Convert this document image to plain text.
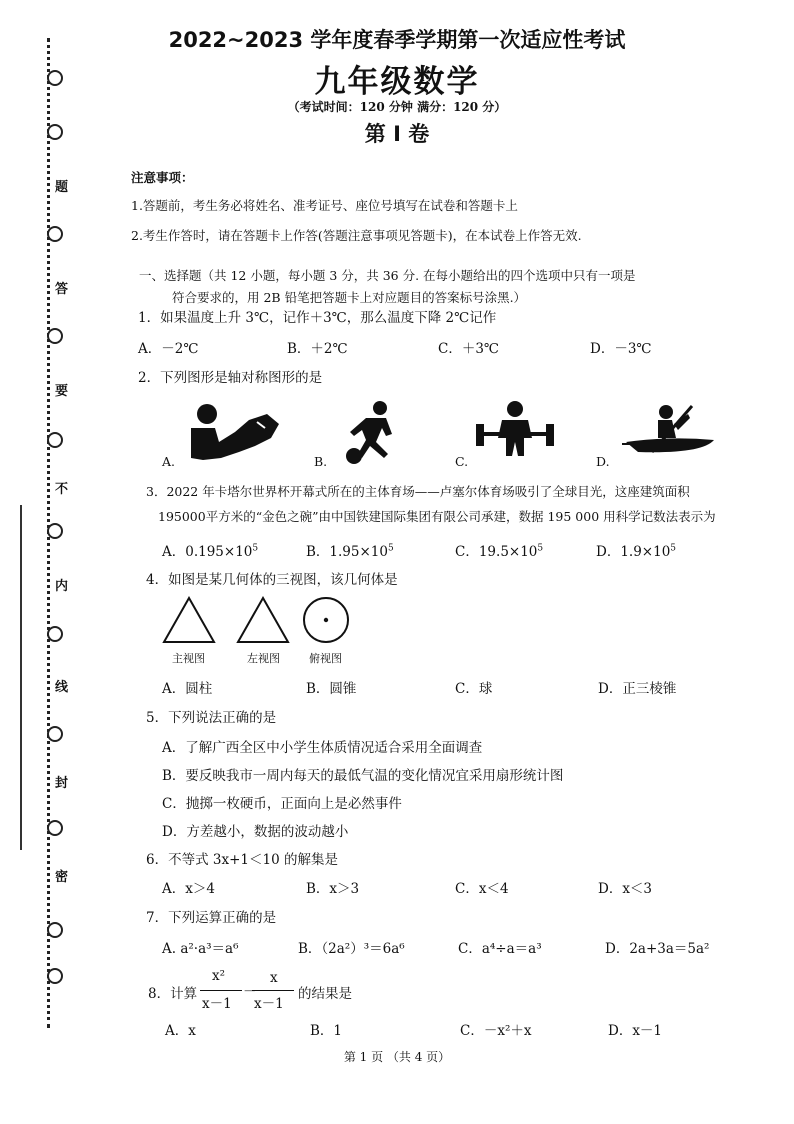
题
答
要
不
内
线
封
密
2022~2023 学年度春季学期第一次适应性考试
九年级数学
（考试时间：120 分钟 满分：120 分）
第 I 卷
注意事项：
1.答题前，考生务必将姓名、准考证号、座位号填写在试卷和答题卡上
2.考生作答时，请在答题卡上作答(答题注意事项见答题卡)，在本试卷上作答无效.
一、选择题（共 12 小题，每小题 3 分，共 36 分. 在每小题给出的四个选项中只有一项是
符合要求的，用 2B 铅笔把答题卡上对应题目的答案标号涂黑.）
1．如果温度上升 3℃，记作＋3℃，那么温度下降 2℃记作
A．－2℃	B．＋2℃	C．＋3℃	D．－3℃
2．下列图形是轴对称图形的是
A.	B.	C.	D.
3．2022 年卡塔尔世界杯开幕式所在的主体育场——卢塞尔体育场吸引了全球目光，这座建筑面积
195000平方米的“金色之碗”由中国铁建国际集团有限公司承建，数据 195 000 用科学记数法表示为
A．$0.195\times 10^5$	B．$1.95\times 10^5$	C．$19.5\times 10^5$	D．$1.9\times 10^5$
4．如图是某几何体的三视图，该几何体是
主视图	左视图	俯视图
A．圆柱	B．圆锥	C．球	D．正三棱锥
5．下列说法正确的是
A．了解广西全区中小学生体质情况适合采用全面调查
B．要反映我市一周内每天的最低气温的变化情况宜采用扇形统计图
C．抛掷一枚硬币，正面向上是必然事件
D．方差越小，数据的波动越小
6．不等式 3x+1＜10 的解集是
A．x＞4	B．x＞3	C．x＜4	D．x＜3
7．下列运算正确的是
A. a²·a³＝a⁶	B．（2a²）³＝6a⁶	C．a⁴÷a＝a³	D．2a+3a＝5a²
8．计算
x²
x－1
－
x
x－1
的结果是
A．x	B．1	C．－x²＋x	D．x－1
第 1 页 （共 4 页）
